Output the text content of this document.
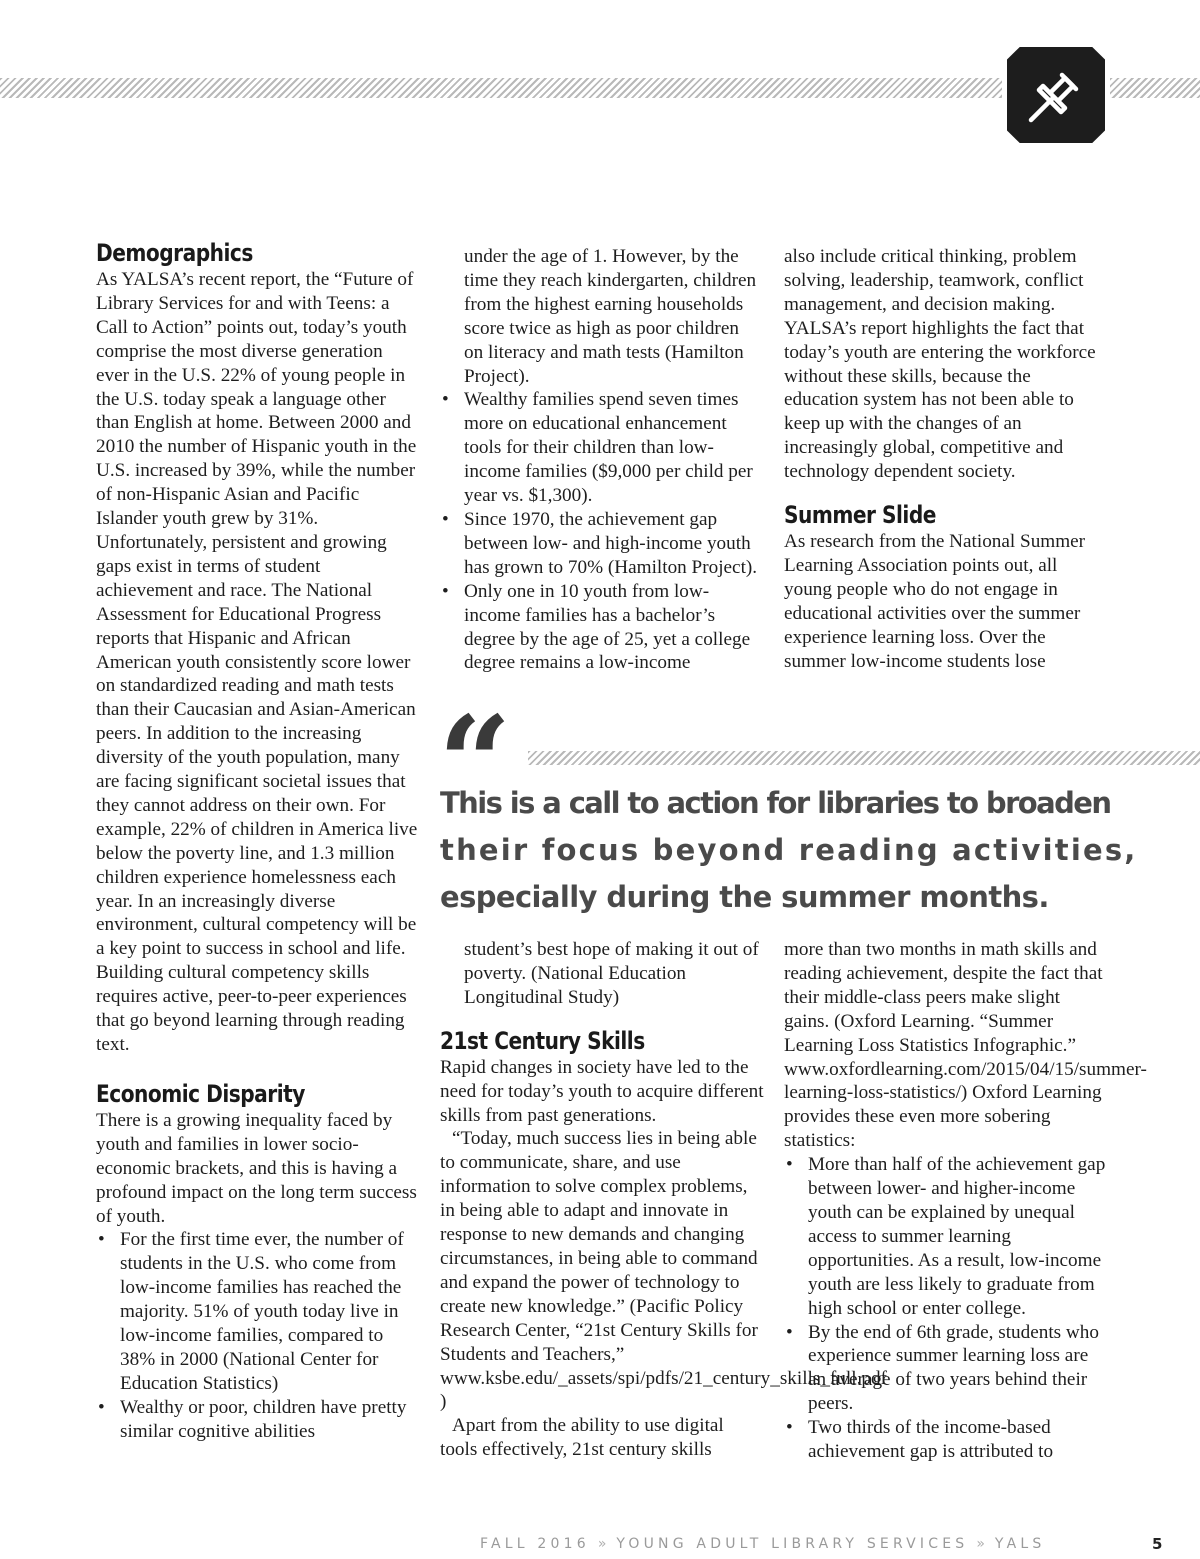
Demographics

As YALSA’s recent report, the “Future of Library Services for and with Teens: a Call to Action” points out, today’s youth comprise the most diverse generation ever in the U.S. 22% of young people in the U.S. today speak a language other than English at home. Between 2000 and 2010 the number of Hispanic youth in the U.S. increased by 39%, while the number of non-Hispanic Asian and Pacific Islander youth grew by 31%. Unfortunately, persistent and growing gaps exist in terms of student achievement and race. The National Assessment for Educational Progress reports that Hispanic and African American youth consistently score lower on standardized reading and math tests than their Caucasian and Asian-American peers. In addition to the increasing diversity of the youth population, many are facing significant societal issues that they cannot address on their own. For example, 22% of children in America live below the poverty line, and 1.3 million children experience homelessness each year. In an increasingly diverse environment, cultural competency will be a key point to success in school and life. Building cultural competency skills requires active, peer-to-peer experiences that go beyond learning through reading text.

Economic Disparity

There is a growing inequality faced by youth and families in lower socio-economic brackets, and this is having a profound impact on the long term success of youth.

• For the first time ever, the number of students in the U.S. who come from low-income families has reached the majority. 51% of youth today live in low-income families, compared to 38% in 2000 (National Center for Education Statistics)
• Wealthy or poor, children have pretty similar cognitive abilities

under the age of 1. However, by the time they reach kindergarten, children from the highest earning households score twice as high as poor children on literacy and math tests (Hamilton Project).

• Wealthy families spend seven times more on educational enhancement tools for their children than low-income families ($9,000 per child per year vs. $1,300).
• Since 1970, the achievement gap between low- and high-income youth has grown to 70% (Hamilton Project).
• Only one in 10 youth from low-income families has a bachelor’s degree by the age of 25, yet a college degree remains a low-income

also include critical thinking, problem solving, leadership, teamwork, conflict management, and decision making. YALSA’s report highlights the fact that today’s youth are entering the workforce without these skills, because the education system has not been able to keep up with the changes of an increasingly global, competitive and technology dependent society.

Summer Slide

As research from the National Summer Learning Association points out, all young people who do not engage in educational activities over the summer experience learning loss. Over the summer low-income students lose

“

This is a call to action for libraries to broaden
their focus beyond reading activities,
especially during the summer months.

student’s best hope of making it out of poverty. (National Education Longitudinal Study)

21st Century Skills

Rapid changes in society have led to the need for today’s youth to acquire different skills from past generations.

“Today, much success lies in being able to communicate, share, and use information to solve complex problems, in being able to adapt and innovate in response to new demands and changing circumstances, in being able to command and expand the power of technology to create new knowledge.” (Pacific Policy Research Center, “21st Century Skills for Students and Teachers,” www.ksbe.edu/_assets/spi/pdfs/21_century_skills_full.pdf )

Apart from the ability to use digital tools effectively, 21st century skills

more than two months in math skills and reading achievement, despite the fact that their middle-class peers make slight gains. (Oxford Learning. “Summer Learning Loss Statistics Infographic.” www.oxfordlearning.com/2015/04/15/summer-learning-loss-statistics/) Oxford Learning provides these even more sobering statistics:

• More than half of the achievement gap between lower- and higher-income youth can be explained by unequal access to summer learning opportunities. As a result, low-income youth are less likely to graduate from high school or enter college.
• By the end of 6th grade, students who experience summer learning loss are an average of two years behind their peers.
• Two thirds of the income-based achievement gap is attributed to
FALL 2016 » YOUNG ADULT LIBRARY SERVICES » YALS	5
